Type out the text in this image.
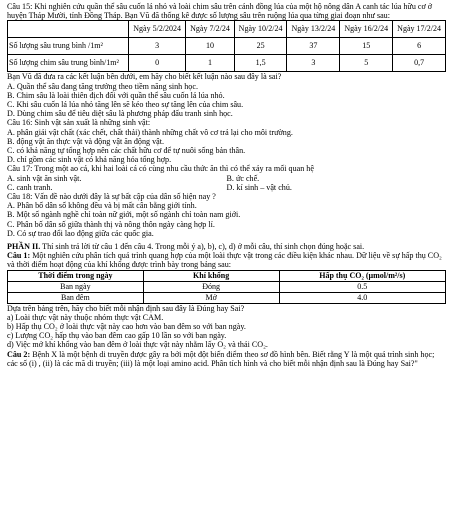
Câu 15: Khi nghiên cứu quần thể sâu cuốn lá nhỏ và loài chim sâu trên cánh đồng lúa của một hộ nông dân A canh tác lúa hữu cơ ở huyện Tháp Mười, tỉnh Đồng Tháp. Bạn Vũ đã thống kê được số lượng sâu trên ruộng lúa qua từng giai đoạn như sau:

	Ngày 5/2/2024	Ngày 7/2/24	Ngày 10/2/24	Ngày 13/2/24	Ngày 16/2/24	Ngày 17/2/24
Số lượng sâu trung bình /1m²	3	10	25	37	15	6
Số lượng chim sâu trung bình/1m²	0	1	1,5	3	5	0,7

Bạn Vũ đã đưa ra các kết luận bên dưới, em hãy cho biết kết luận nào sau đây là sai?

A. Quần thể sâu đang tăng trưởng theo tiềm năng sinh học.

B. Chim sâu là loài thiên địch đối với quần thể sâu cuốn lá lúa nhỏ.

C. Khi sâu cuốn lá lúa nhỏ tăng lên sẽ kéo theo sự tăng lên của chim sâu.

D. Dùng chim sâu để tiêu diệt sâu là phương pháp đấu tranh sinh học.

Câu 16: Sinh vật sản xuất là những sinh vật:

A. phân giải vật chất (xác chết, chất thải) thành những chất vô cơ trả lại cho môi trường.

B. động vật ăn thực vật và động vật ăn động vật.

C. có khả năng tự tổng hợp nên các chất hữu cơ để tự nuôi sống bản thân.

D. chỉ gồm các sinh vật có khả năng hóa tổng hợp.

Câu 17: Trong một ao cá, khi hai loài cá có cùng nhu cầu thức ăn thì có thể xảy ra mối quan hệ

A. sinh vật ăn sinh vật.	B. ức chế.
C. canh tranh.	D. kí sinh – vật chủ.

Câu 18: Vấn đề nào dưới đây là sự bất cập của dân số hiện nay ?

A. Phân bố dân số không đều và bị mất cân bằng giới tính.

B. Một số ngành nghề chỉ toàn nữ giới, một số ngành chỉ toàn nam giới.

C. Phân bố dân số giữa thành thị và nông thôn ngày càng hợp lí.

D. Có sự trao đổi lao động giữa các quốc gia.

PHẦN II. Thí sinh trả lời từ câu 1 đến câu 4. Trong mỗi ý a), b), c), d) ở mỗi câu, thí sinh chọn đúng hoặc sai.

Câu 1: Một nghiên cứu phân tích quá trình quang hợp của một loài thực vật trong các điều kiện khác nhau. Dữ liệu về sự hấp thụ CO₂ và thời điểm hoạt động của khí khổng được trình bày trong bảng sau:

Thời điểm trong ngày	Khí khổng	Hấp thụ CO₂ (µmol/m²/s)
Ban ngày	Đóng	0.5
Ban đêm	Mở	4.0

Dựa trên bảng trên, hãy cho biết mỗi nhận định sau đây là Đúng hay Sai?

a) Loài thực vật này thuộc nhóm thực vật CAM.

b) Hấp thụ CO₂ ở loài thực vật này cao hơn vào ban đêm so với ban ngày.

c) Lượng CO₂ hấp thụ vào ban đêm cao gấp 10 lần so với ban ngày.

d) Việc mở khí khổng vào ban đêm ở loài thực vật này nhằm lấy O₂ và thải CO₂.

Câu 2: Bệnh X là một bệnh di truyền được gây ra bởi một đột biến điểm theo sơ đồ hình bên. Biết rằng Y là một quá trình sinh học; các số (i) , (ii) là các mã di truyền; (iii) là một loại amino acid. Phân tích hình và cho biết mỗi nhận định sau là Đúng hay Sai?"
